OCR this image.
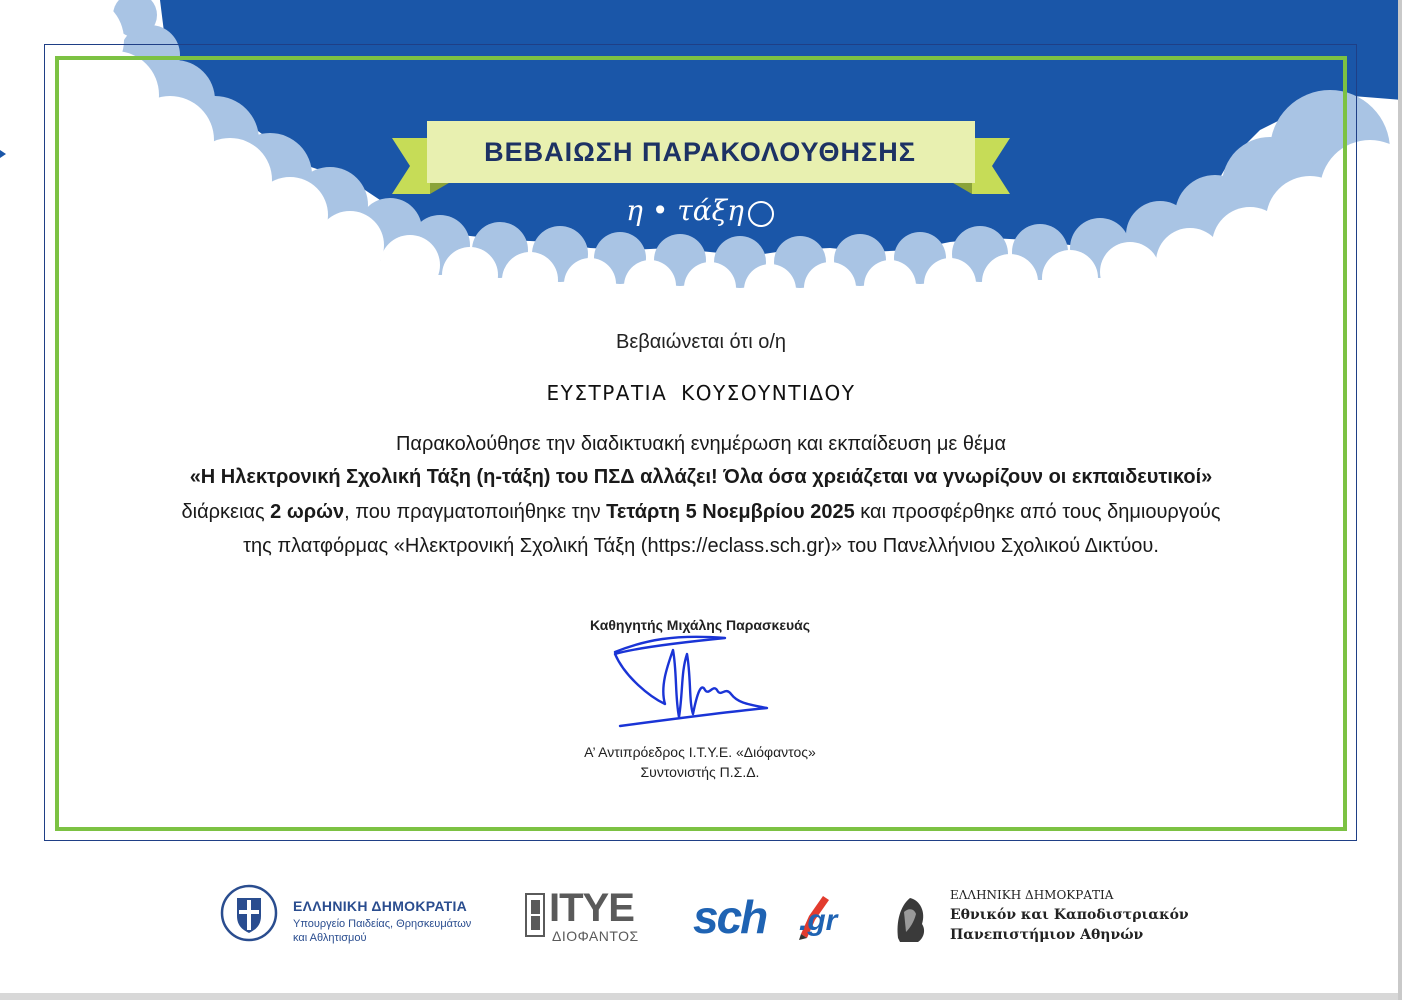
ΒΕΒΑΙΩΣΗ ΠΑΡΑΚΟΛΟΥΘΗΣΗΣ
η • τάξη
Βεβαιώνεται ότι ο/η
ΕΥΣΤΡΑΤΙΑ ΚΟΥΣΟΥΝΤΙΔΟΥ
Παρακολούθησε την διαδικτυακή ενημέρωση και εκπαίδευση με θέμα
«Η Ηλεκτρονική Σχολική Τάξη (η-τάξη) του ΠΣΔ αλλάζει! Όλα όσα χρειάζεται να γνωρίζουν οι εκπαιδευτικοί»
διάρκειας 2 ωρών, που πραγματοποιήθηκε την Τετάρτη 5 Νοεμβρίου 2025 και προσφέρθηκε από τους δημιουργούς
της πλατφόρμας «Ηλεκτρονική Σχολική Τάξη (https://eclass.sch.gr)» του Πανελλήνιου Σχολικού Δικτύου.
Καθηγητής Μιχάλης Παρασκευάς
Α’ Αντιπρόεδρος Ι.Τ.Υ.Ε. «Διόφαντος»
Συντονιστής Π.Σ.Δ.
ΕΛΛΗΝΙΚΗ ΔΗΜΟΚΡΑΤΙΑ
Υπουργείο Παιδείας, Θρησκευμάτων
και Αθλητισμού
ΙΤΥΕ
ΔΙΟΦΑΝΤΟΣ sch .gr
ΕΛΛΗΝΙΚΗ ΔΗΜΟΚΡΑΤΙΑ
Εθνικόν και Καποδιστριακόν
Πανεπιστήμιον Αθηνών
